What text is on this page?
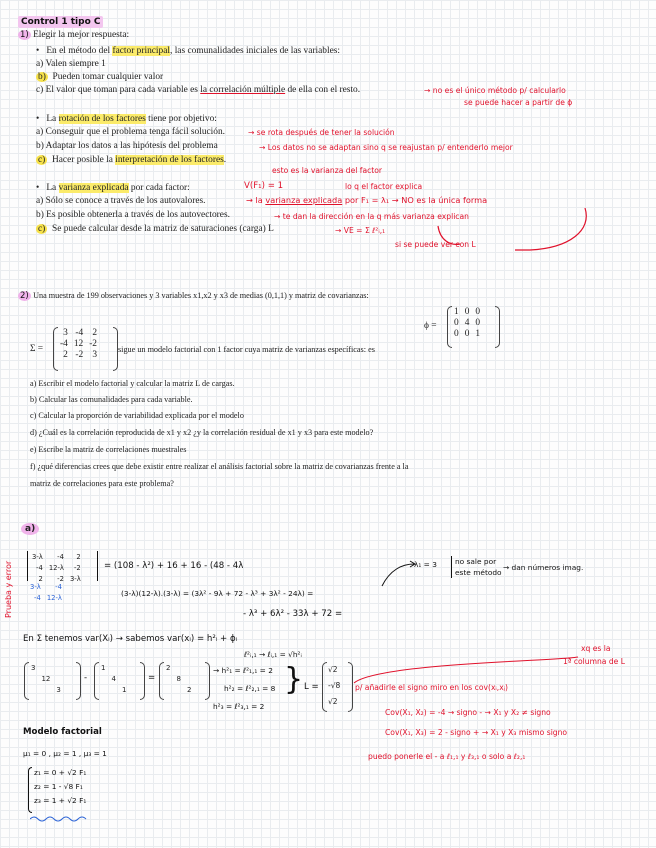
Control 1 tipo C
1) Elegir la mejor respuesta:
•   En el método del factor principal, las comunalidades iniciales de las variables:
a) Valen siempre 1
b) Pueden tomar cualquier valor
c) El valor que toman para cada variable es la correlación múltiple de ella con el resto.	→ no es el único método p/ calcularlo
se puede hacer a partir de ϕ
•   La rotación de los factores tiene por objetivo:
a) Conseguir que el problema tenga fácil solución.	→ se rota después de tener la solución
b) Adaptar los datos a las hipótesis del problema	→ Los datos no se adaptan sino q se reajustan p/ entenderlo mejor
c) Hacer posible la interpretación de los factores.
esto es la varianza del factor
V(F₁) = 1	lo q el factor explica
•   La varianza explicada por cada factor:
a) Sólo se conoce a través de los autovalores.	→ la varianza explicada por F₁ = λ₁ → NO es la única forma
b) Es posible obtenerla a través de los autovectores.	→ te dan la dirección en la q más varianza explican
c) Se puede calcular desde la matriz de saturaciones (carga) L	→ VE = Σ ℓ²ᵢ,₁
si se puede ver con L
2) Una muestra de 199 observaciones y 3 variables x1,x2 y x3 de medias (0,1,1) y matriz de covarianzas:
ϕ =
1	0	0
0	4	0
0	0	1
Σ =
3	-4	2
-4	12	-2
2	-2	3	sigue un modelo factorial con 1 factor cuya matriz de varianzas específicas: es
a) Escribir el modelo factorial y calcular la matriz L de cargas.
b) Calcular las comunalidades para cada variable.
c) Calcular la proporción de variabilidad explicada por el modelo
d) ¿Cuál es la correlación reproducida de x1 y x2 ¿y la correlación residual de x1 y x3 para este modelo?
e) Escribe la matriz de correlaciones muestrales
f) ¿qué diferencias crees que debe existir entre realizar el análisis factorial sobre la matriz de covarianzas frente a la
matriz de correlaciones para este problema?
a)
Prueba y error
3-λ	-4	2
-4	12-λ	-2
2	-2	3-λ
3-λ	-4
-4	12-λ
= (108 - λ²) + 16 + 16 - (48 - 4λ
(3-λ)(12-λ).(3-λ) = (3λ² - 9λ + 72 - λ³ + 3λ² - 24λ) =
- λ³ + 6λ² - 33λ + 72 =
λ₁ = 3 no sale por
este método
→ dan números imag.
En Σ tenemos var(Xᵢ) → sabemos var(xᵢ) = h²ᵢ + ϕᵢ
ℓ²ᵢ,₁ → ℓᵢ,₁ = √h²ᵢ
3		
	12	
		3
-
1		
	4	
		1
=
2		
	8	
		2
→ h²₁ = ℓ²₁,₁ = 2
h²₂ = ℓ²₂,₁ = 8
h²₃ = ℓ²₃,₁ = 2
} L =
√2
-√8
√2
xq es la
1ª columna de L
p/ añadirle el signo miro en los cov(xᵢ,xⱼ)
Cov(X₁, X₂) = -4 → signo - → X₁ y X₂ ≠ signo
Cov(X₁, X₃) = 2 - signo + → X₁ y X₃ mismo signo
puedo ponerle el - a ℓ₁,₁ y ℓ₃,₁ o solo a ℓ₂,₁
Modelo factorial
μ₁ = 0 , μ₂ = 1 , μ₃ = 1
z₁ = 0 + √2 F₁
z₂ = 1 - √8 F₁
z₃ = 1 + √2 F₁
